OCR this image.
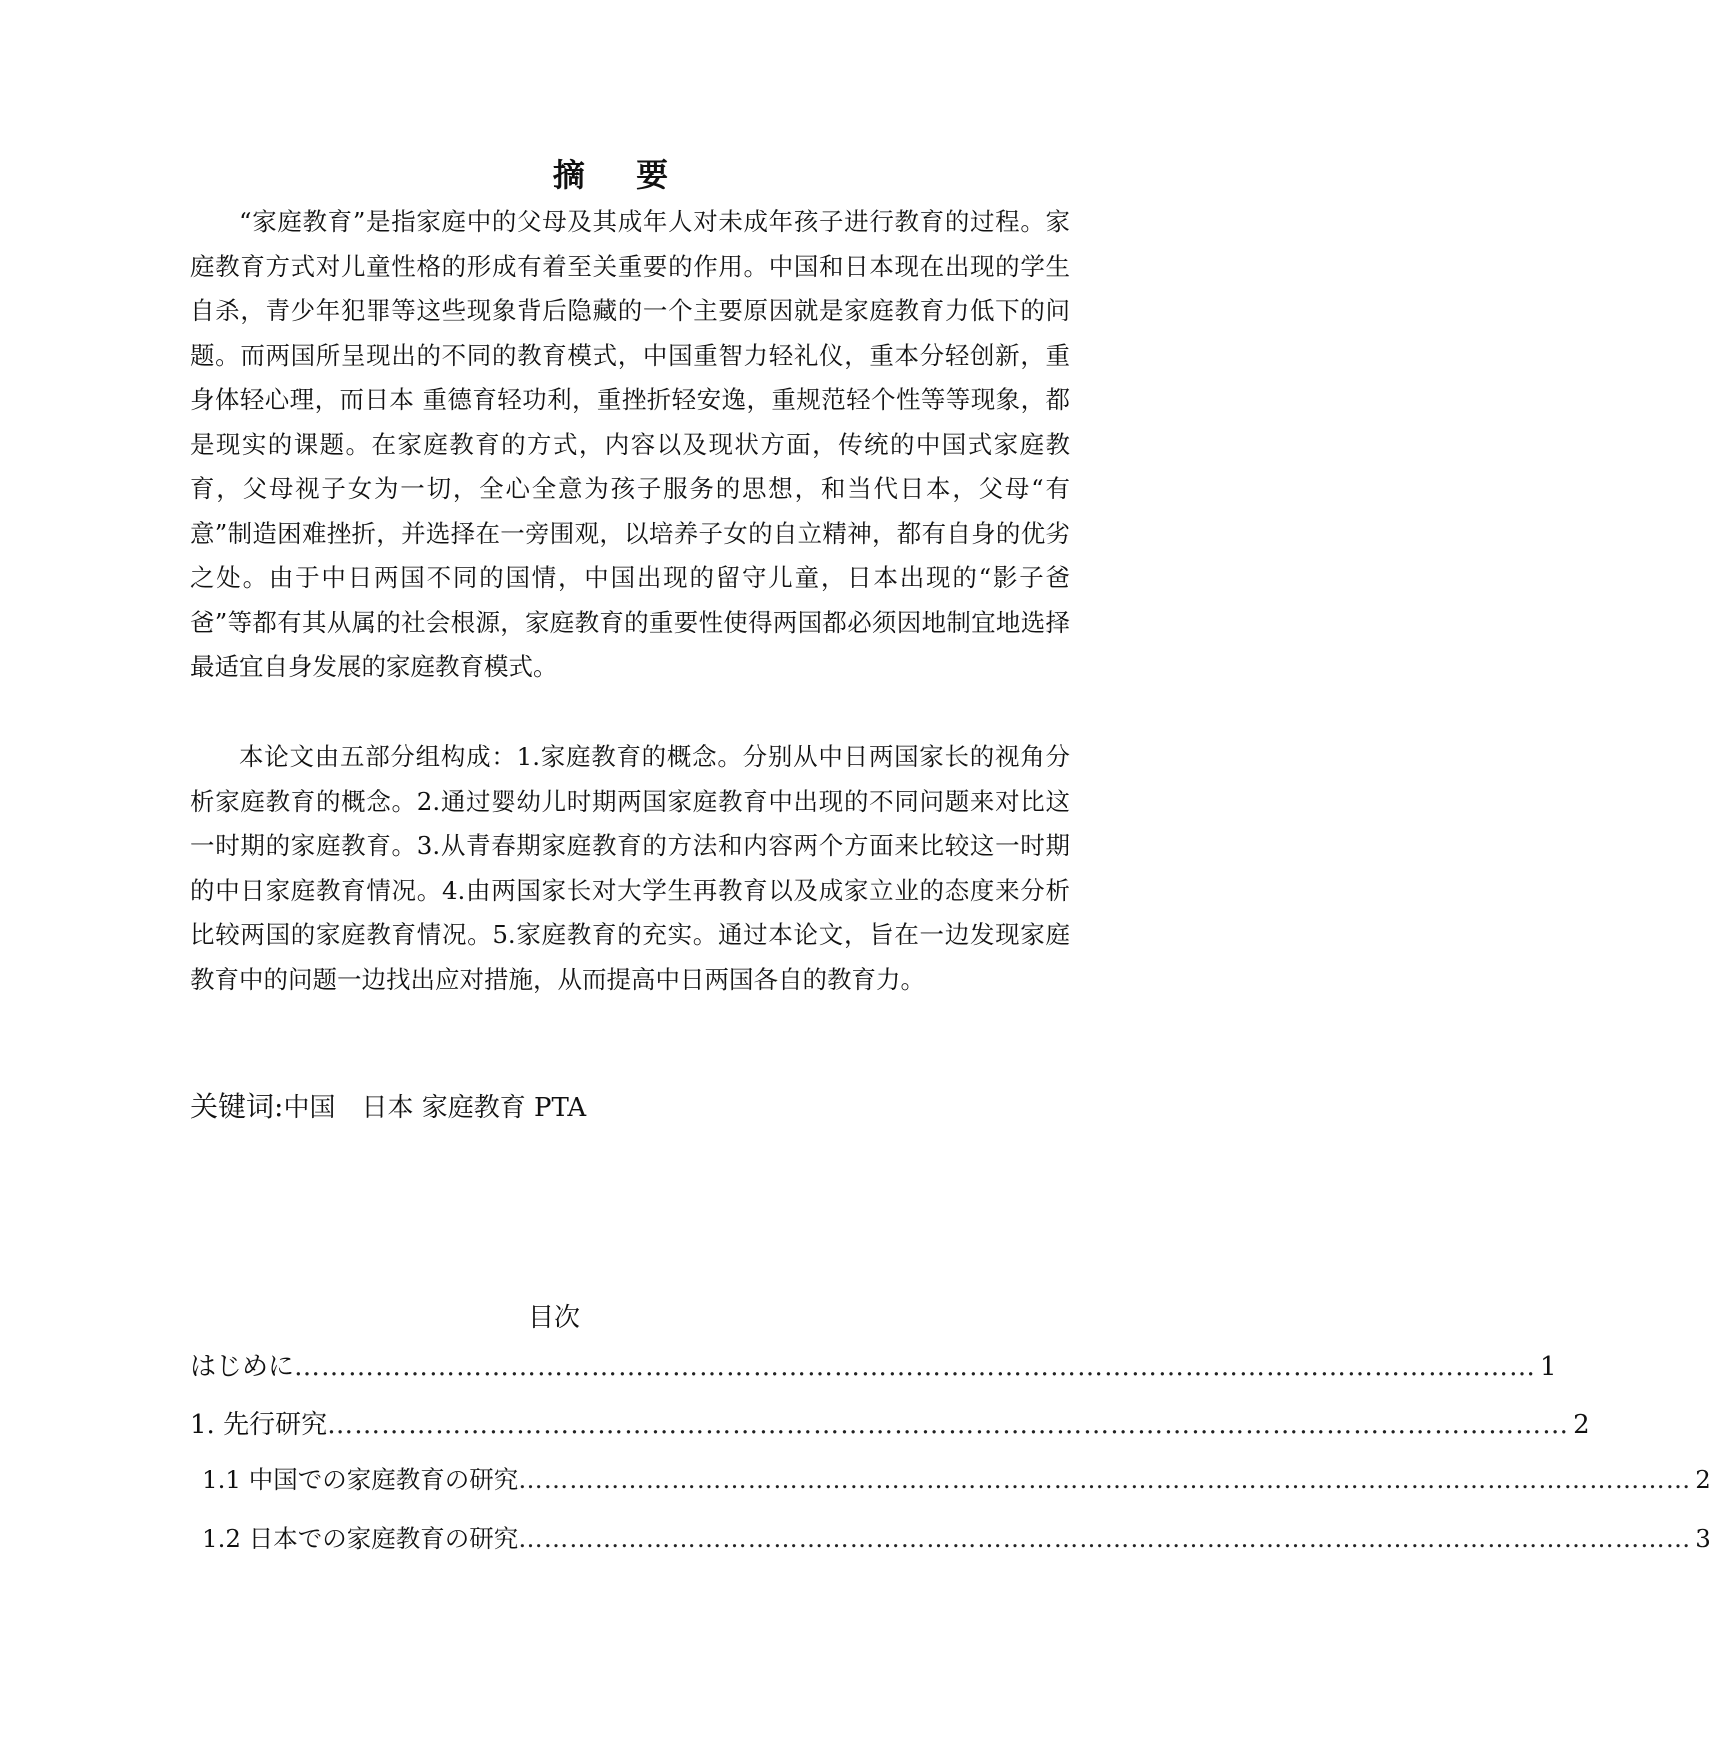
摘 要

“家庭教育”是指家庭中的父母及其成年人对未成年孩子进行教育的过程。家庭教育方式对儿童性格的形成有着至关重要的作用。中国和日本现在出现的学生自杀，青少年犯罪等这些现象背后隐藏的一个主要原因就是家庭教育力低下的问题。而两国所呈现出的不同的教育模式，中国重智力轻礼仪，重本分轻创新，重身体轻心理，而日本 重德育轻功利，重挫折轻安逸，重规范轻个性等等现象，都是现实的课题。在家庭教育的方式，内容以及现状方面，传统的中国式家庭教育，父母视子女为一切，全心全意为孩子服务的思想，和当代日本，父母“有意”制造困难挫折，并选择在一旁围观，以培养子女的自立精神，都有自身的优劣之处。由于中日两国不同的国情，中国出现的留守儿童，日本出现的“影子爸爸”等都有其从属的社会根源，家庭教育的重要性使得两国都必须因地制宜地选择最适宜自身发展的家庭教育模式。

本论文由五部分组构成：1.家庭教育的概念。分别从中日两国家长的视角分析家庭教育的概念。2.通过婴幼儿时期两国家庭教育中出现的不同问题来对比这一时期的家庭教育。3.从青春期家庭教育的方法和内容两个方面来比较这一时期的中日家庭教育情况。4.由两国家长对大学生再教育以及成家立业的态度来分析比较两国的家庭教育情况。5.家庭教育的充实。通过本论文，旨在一边发现家庭教育中的问题一边找出应对措施，从而提高中日两国各自的教育力。

关键词:中国　日本 家庭教育 PTA
目次
はじめに ………………………………………………………………………………………………………………………… 1
1. 先行研究 ………………………………………………………………………………………………………………………… 2
1.1 中国での家庭教育の研究 ………………………………………………………………………………………………………………………… 2
1.2 日本での家庭教育の研究 ………………………………………………………………………………………………………………………… 3
